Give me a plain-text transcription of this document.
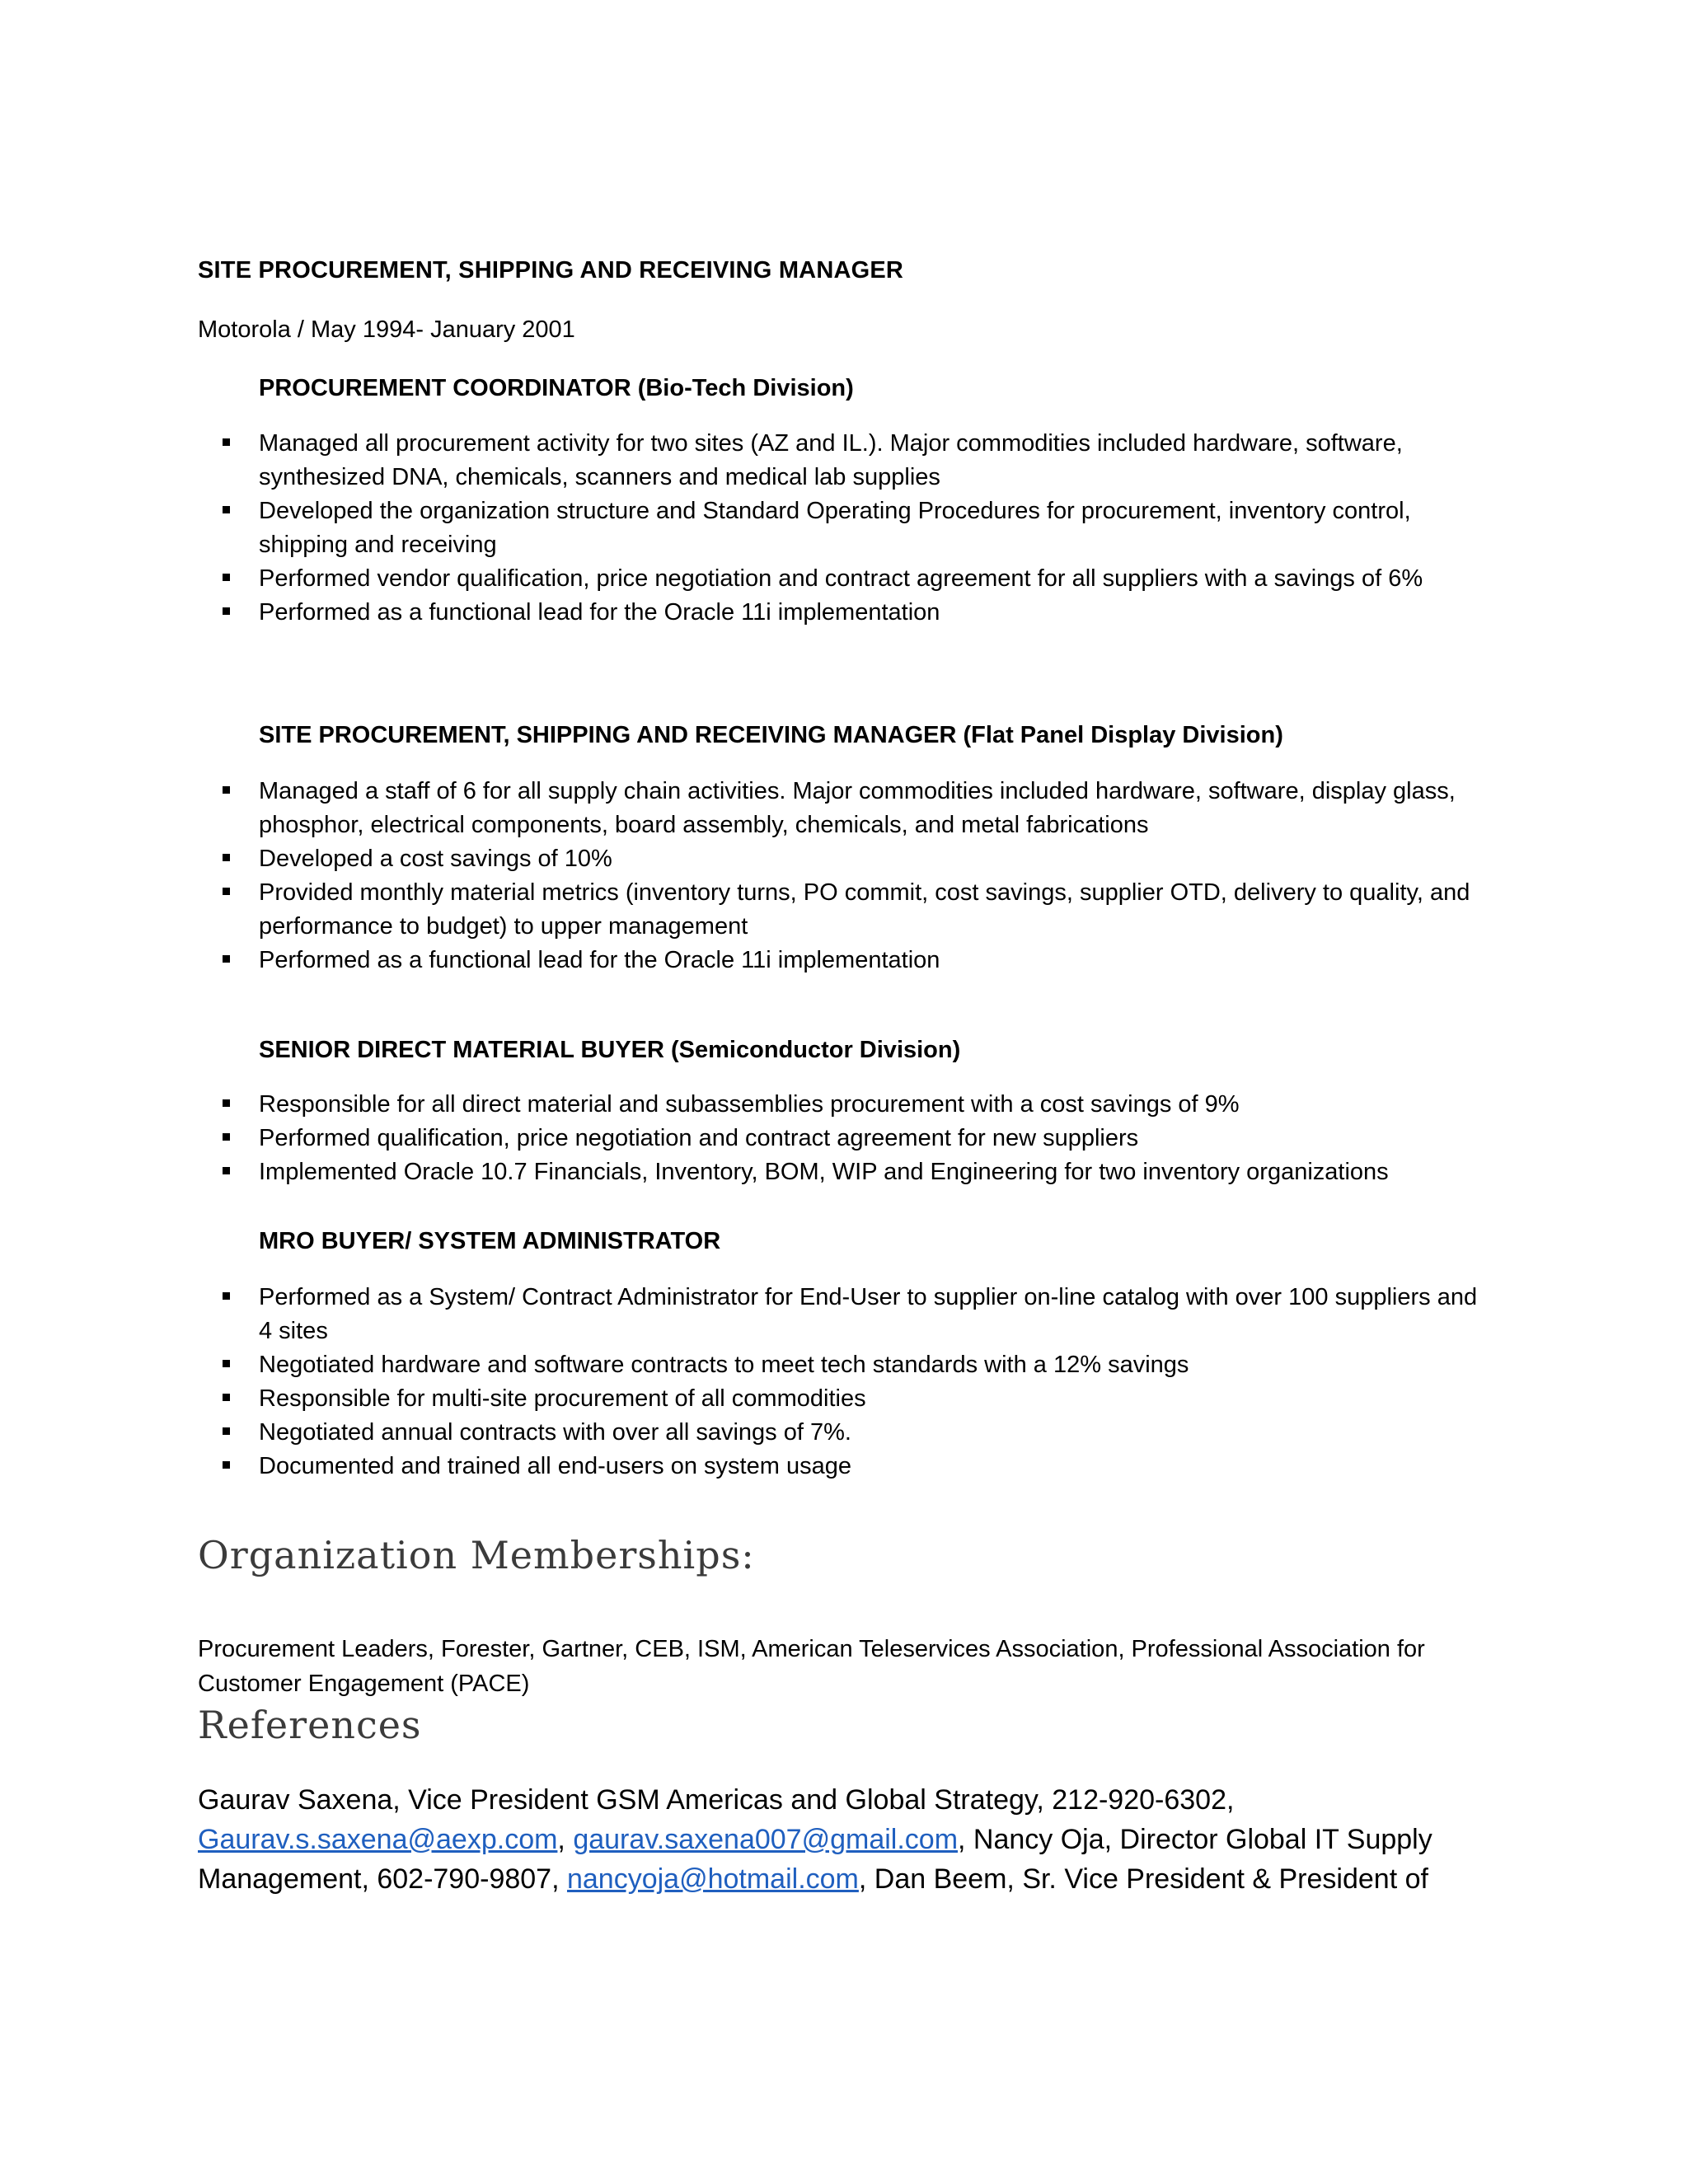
SITE PROCUREMENT, SHIPPING AND RECEIVING MANAGER
Motorola / May 1994- January 2001
PROCUREMENT COORDINATOR (Bio-Tech Division)
Managed all procurement activity for two sites (AZ and IL.). Major commodities included hardware, software, synthesized DNA, chemicals, scanners and medical lab supplies
Developed the organization structure and Standard Operating Procedures for procurement, inventory control, shipping and receiving
Performed vendor qualification, price negotiation and contract agreement for all suppliers with a savings of 6%
Performed as a functional lead for the Oracle 11i implementation
SITE PROCUREMENT, SHIPPING AND RECEIVING MANAGER (Flat Panel Display Division)
Managed a staff of 6 for all supply chain activities. Major commodities included hardware, software, display glass, phosphor, electrical components, board assembly, chemicals, and metal fabrications
Developed a cost savings of 10%
Provided monthly material metrics (inventory turns, PO commit, cost savings, supplier OTD, delivery to quality, and performance to budget) to upper management
Performed as a functional lead for the Oracle 11i implementation
SENIOR DIRECT MATERIAL BUYER (Semiconductor Division)
Responsible for all direct material and subassemblies procurement with a cost savings of 9%
Performed qualification, price negotiation and contract agreement for new suppliers
Implemented Oracle 10.7 Financials, Inventory, BOM, WIP and Engineering for two inventory organizations
MRO BUYER/ SYSTEM ADMINISTRATOR
Performed as a System/ Contract Administrator for End-User to supplier on-line catalog with over 100 suppliers and 4 sites
Negotiated hardware and software contracts to meet tech standards with a 12% savings
Responsible for multi-site procurement of all commodities
Negotiated annual contracts with over all savings of 7%.
Documented and trained all end-users on system usage
Organization Memberships:
Procurement Leaders, Forester, Gartner, CEB, ISM, American Teleservices Association, Professional Association for Customer Engagement (PACE)
References
Gaurav Saxena, Vice President GSM Americas and Global Strategy, 212-920-6302,
Gaurav.s.saxena@aexp.com, gaurav.saxena007@gmail.com, Nancy Oja, Director Global IT Supply Management, 602-790-9807, nancyoja@hotmail.com, Dan Beem, Sr. Vice President & President of
